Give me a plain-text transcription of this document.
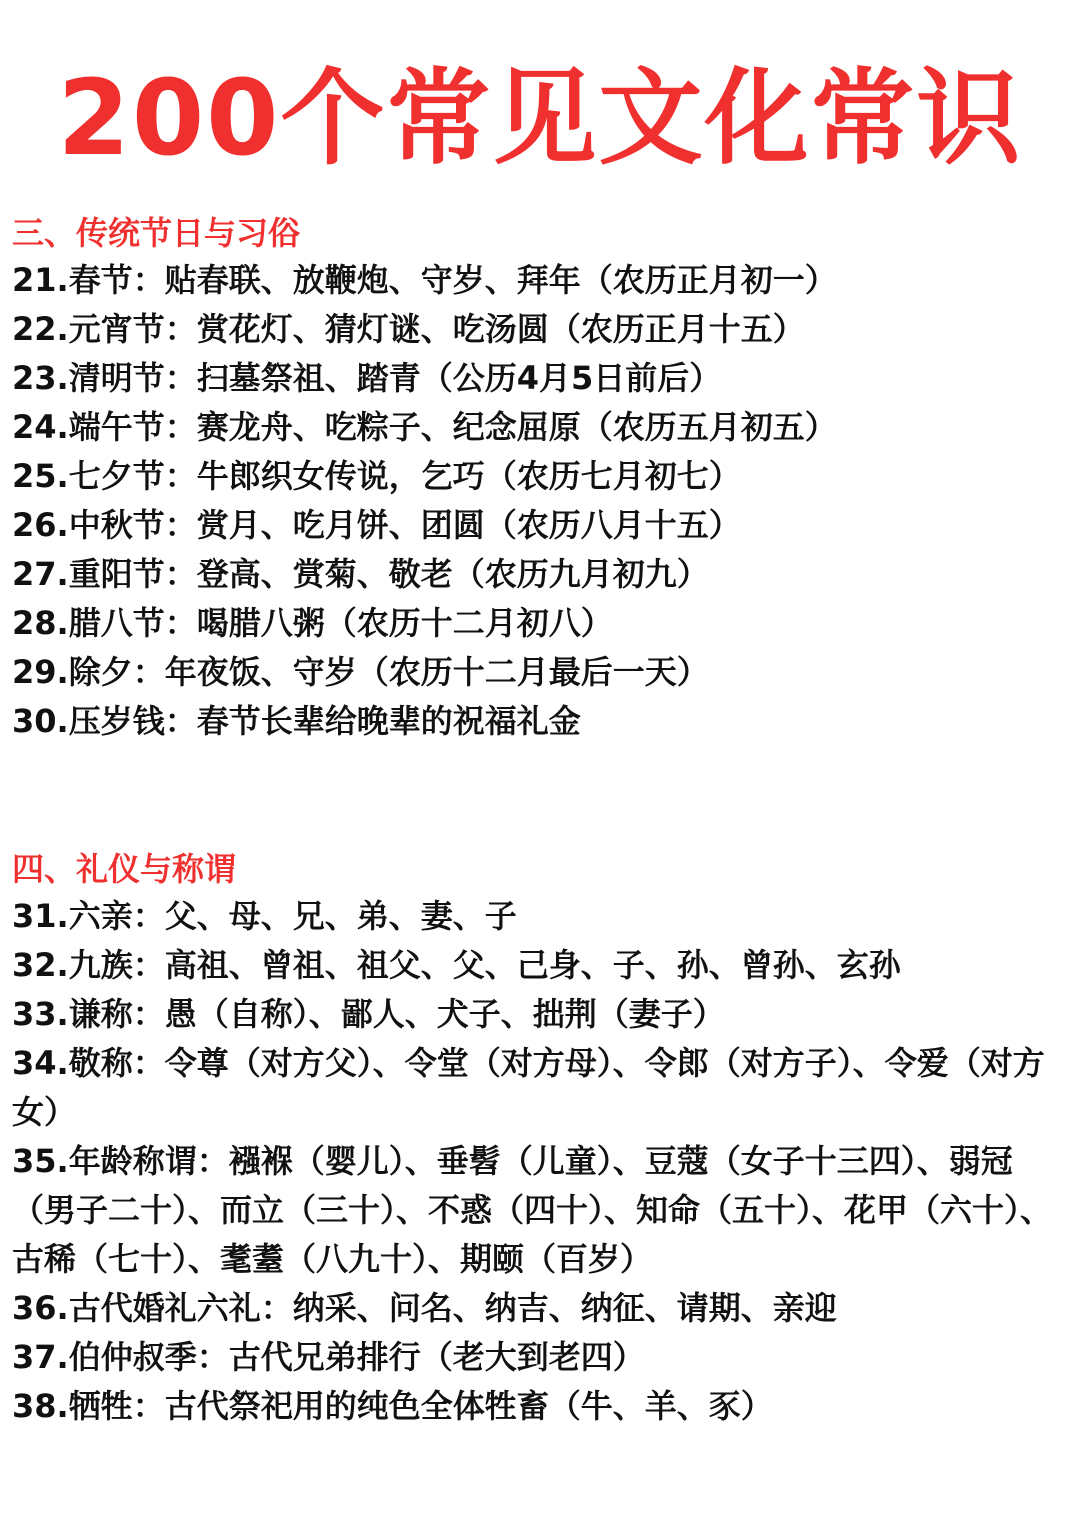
200个常见文化常识
三、传统节日与习俗
21.春节：贴春联、放鞭炮、守岁、拜年（农历正月初一）
22.元宵节：赏花灯、猜灯谜、吃汤圆（农历正月十五）
23.清明节：扫墓祭祖、踏青（公历4月5日前后）
24.端午节：赛龙舟、吃粽子、纪念屈原（农历五月初五）
25.七夕节：牛郎织女传说，乞巧（农历七月初七）
26.中秋节：赏月、吃月饼、团圆（农历八月十五）
27.重阳节：登高、赏菊、敬老（农历九月初九）
28.腊八节：喝腊八粥（农历十二月初八）
29.除夕：年夜饭、守岁（农历十二月最后一天）
30.压岁钱：春节长辈给晚辈的祝福礼金
四、礼仪与称谓
31.六亲：父、母、兄、弟、妻、子
32.九族：高祖、曾祖、祖父、父、己身、子、孙、曾孙、玄孙
33.谦称：愚（自称）、鄙人、犬子、拙荆（妻子）
34.敬称：令尊（对方父）、令堂（对方母）、令郎（对方子）、令爱（对方女）
35.年龄称谓：襁褓（婴儿）、垂髫（儿童）、豆蔻（女子十三四）、弱冠（男子二十）、而立（三十）、不惑（四十）、知命（五十）、花甲（六十）、古稀（七十）、耄耋（八九十）、期颐（百岁）
36.古代婚礼六礼：纳采、问名、纳吉、纳征、请期、亲迎
37.伯仲叔季：古代兄弟排行（老大到老四）
38.牺牲：古代祭祀用的纯色全体牲畜（牛、羊、豕）
